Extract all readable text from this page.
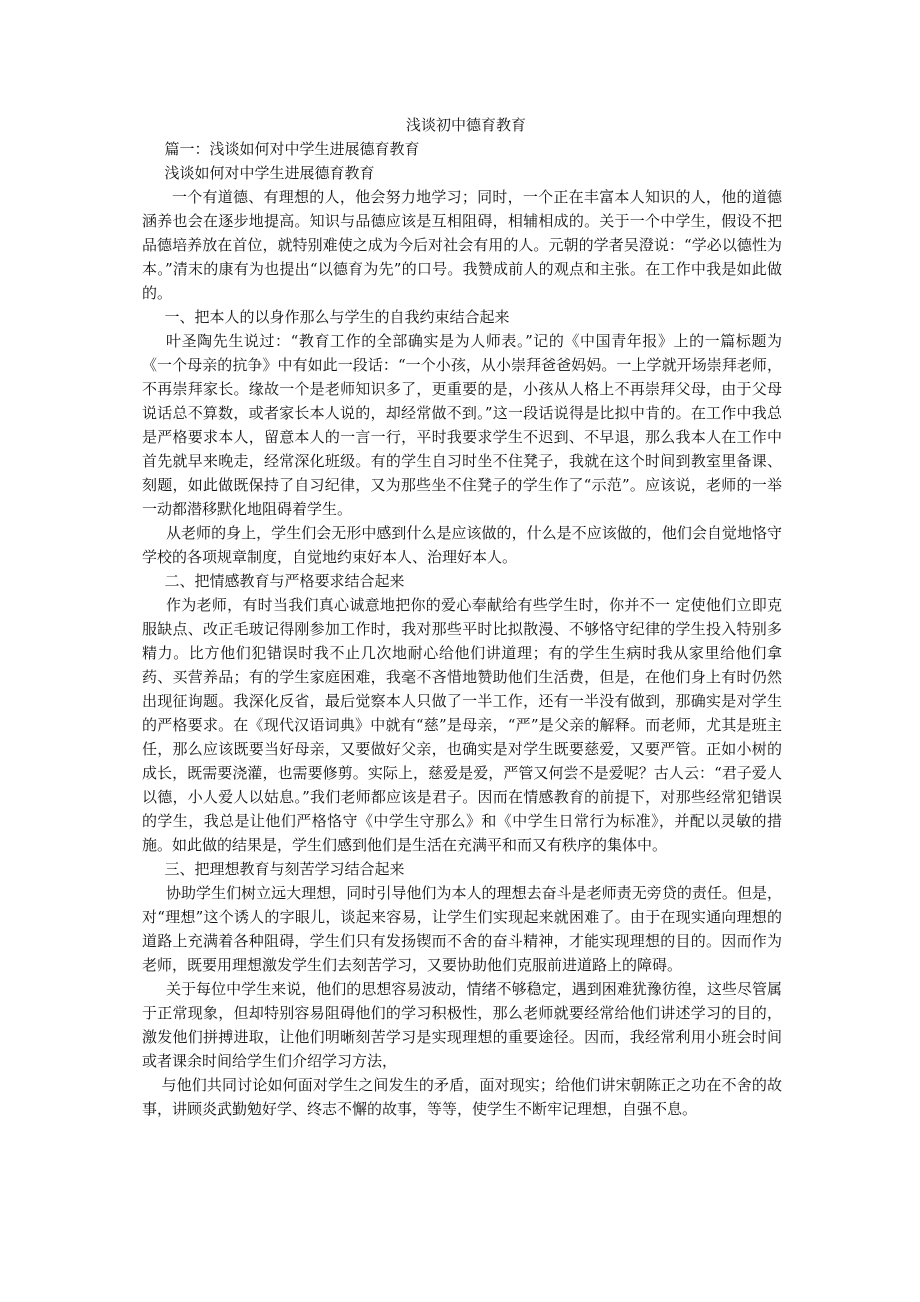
浅谈初中德育教育

篇一：浅谈如何对中学生进展德育教育

浅谈如何对中学生进展德育教育

一个有道德、有理想的人，他会努力地学习；同时，一个正在丰富本人知识的人，他的道德涵养也会在逐步地提高。知识与品德应该是互相阻碍，相辅相成的。关于一个中学生，假设不把品德培养放在首位，就特别难使之成为今后对社会有用的人。元朝的学者吴澄说：“学必以德性为本。”清末的康有为也提出“以德育为先”的口号。我赞成前人的观点和主张。在工作中我是如此做的。

一、把本人的以身作那么与学生的自我约束结合起来

叶圣陶先生说过：“教育工作的全部确实是为人师表。”记的《中国青年报》上的一篇标题为《一个母亲的抗争》中有如此一段话：“一个小孩，从小崇拜爸爸妈妈。一上学就开场崇拜老师，不再崇拜家长。缘故一个是老师知识多了，更重要的是，小孩从人格上不再崇拜父母，由于父母说话总不算数，或者家长本人说的，却经常做不到。”这一段话说得是比拟中肯的。在工作中我总是严格要求本人，留意本人的一言一行，平时我要求学生不迟到、不早退，那么我本人在工作中首先就早来晚走，经常深化班级。有的学生自习时坐不住凳子，我就在这个时间到教室里备课、刻题，如此做既保持了自习纪律，又为那些坐不住凳子的学生作了“示范”。应该说，老师的一举一动都潜移默化地阻碍着学生。

从老师的身上，学生们会无形中感到什么是应该做的，什么是不应该做的，他们会自觉地恪守学校的各项规章制度，自觉地约束好本人、治理好本人。

二、把情感教育与严格要求结合起来

作为老师，有时当我们真心诚意地把你的爱心奉献给有些学生时，你并不一 定使他们立即克服缺点、改正毛玻记得刚参加工作时，我对那些平时比拟散漫、不够恪守纪律的学生投入特别多精力。比方他们犯错误时我不止几次地耐心给他们讲道理；有的学生生病时我从家里给他们拿药、买营养品；有的学生家庭困难，我毫不吝惜地赞助他们生活费，但是，在他们身上有时仍然出现征询题。我深化反省，最后觉察本人只做了一半工作，还有一半没有做到，那确实是对学生的严格要求。在《现代汉语词典》中就有“慈”是母亲，“严”是父亲的解释。而老师，尤其是班主任，那么应该既要当好母亲，又要做好父亲，也确实是对学生既要慈爱，又要严管。正如小树的成长，既需要浇灌，也需要修剪。实际上，慈爱是爱，严管又何尝不是爱呢？古人云：“君子爱人以德，小人爱人以姑息。”我们老师都应该是君子。因而在情感教育的前提下，对那些经常犯错误的学生，我总是让他们严格恪守《中学生守那么》和《中学生日常行为标准》，并配以灵敏的措施。如此做的结果是，学生们感到他们是生活在充满平和而又有秩序的集体中。

三、把理想教育与刻苦学习结合起来

协助学生们树立远大理想，同时引导他们为本人的理想去奋斗是老师责无旁贷的责任。但是，对“理想”这个诱人的字眼儿，谈起来容易，让学生们实现起来就困难了。由于在现实通向理想的道路上充满着各种阻碍，学生们只有发扬锲而不舍的奋斗精神，才能实现理想的目的。因而作为老师，既要用理想激发学生们去刻苦学习，又要协助他们克服前进道路上的障碍。

关于每位中学生来说，他们的思想容易波动，情绪不够稳定，遇到困难犹豫彷徨，这些尽管属于正常现象，但却特别容易阻碍他们的学习积极性，那么老师就要经常给他们讲述学习的目的，激发他们拼搏进取，让他们明晰刻苦学习是实现理想的重要途径。因而，我经常利用小班会时间或者课余时间给学生们介绍学习方法，

与他们共同讨论如何面对学生之间发生的矛盾，面对现实；给他们讲宋朝陈正之功在不舍的故事，讲顾炎武勤勉好学、终志不懈的故事，等等，使学生不断牢记理想，自强不息。
